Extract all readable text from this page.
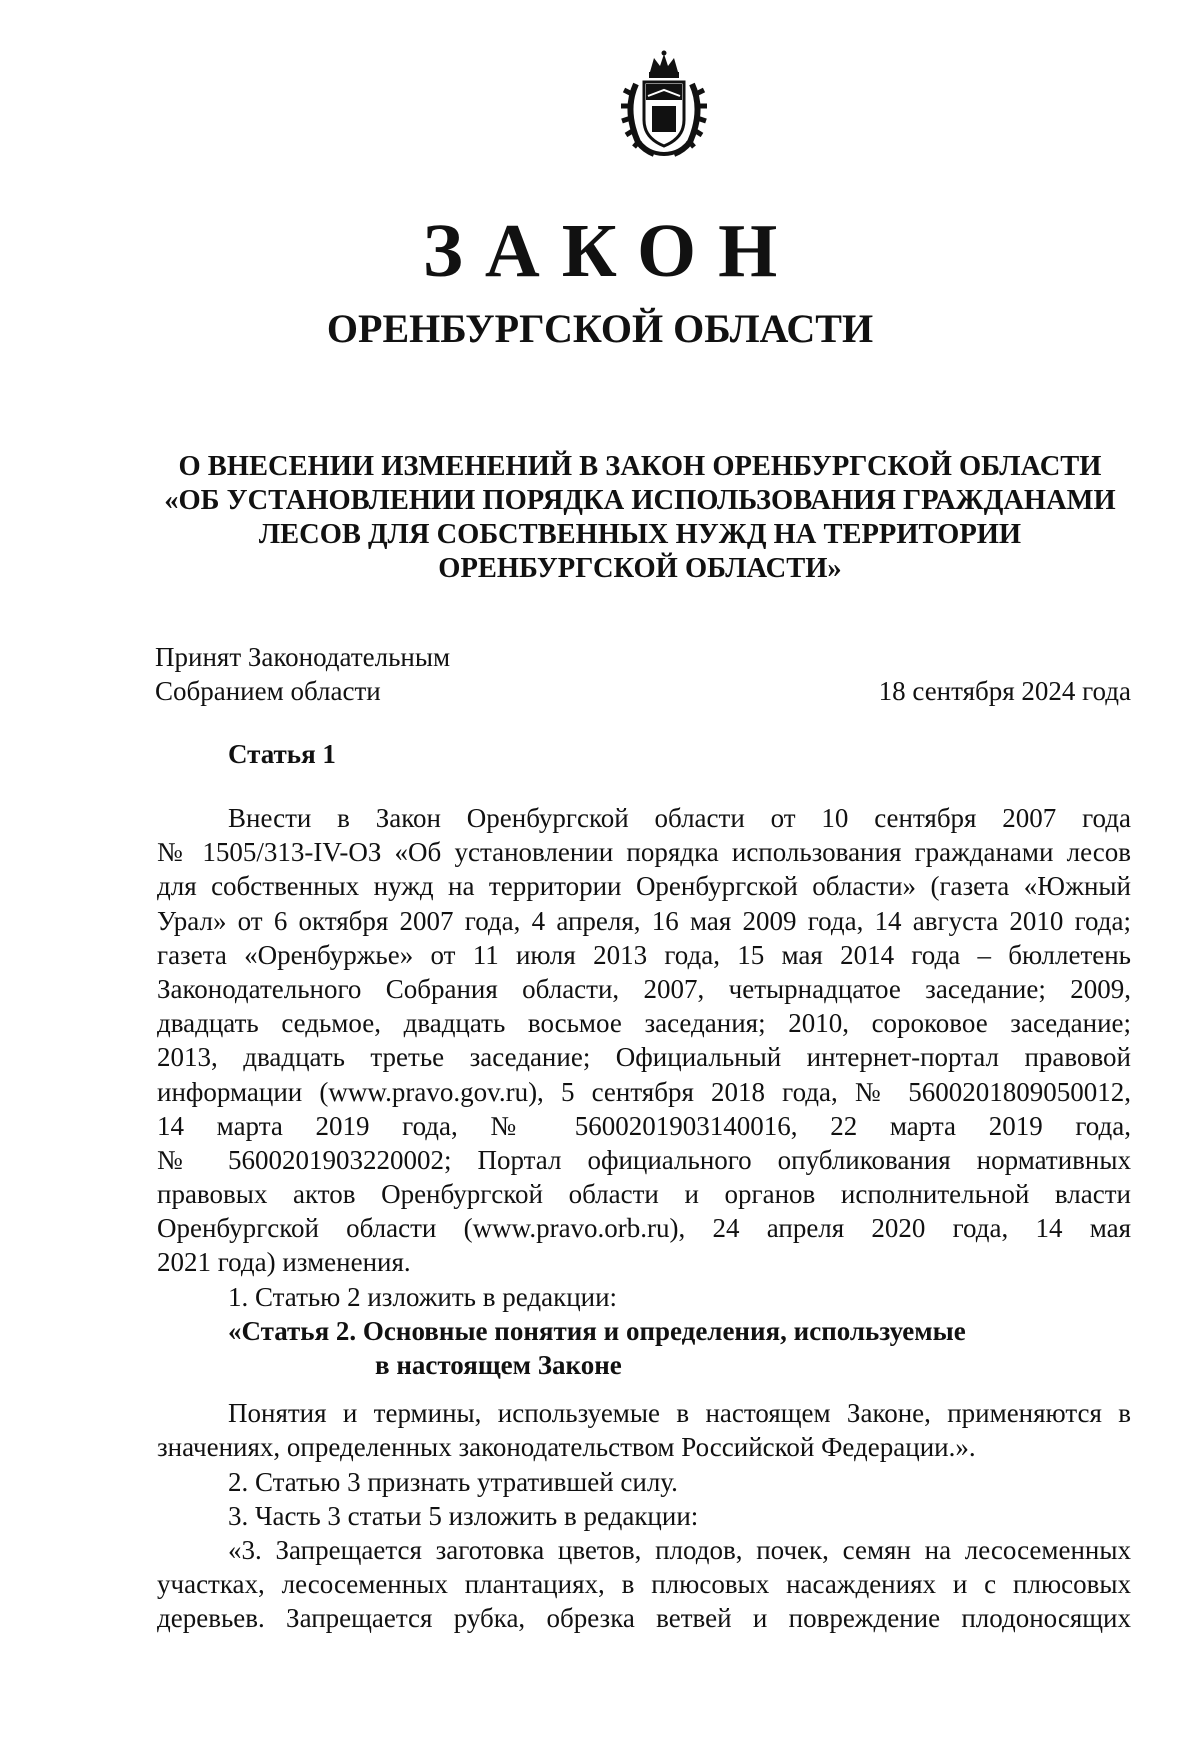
ЗАКОН
ОРЕНБУРГСКОЙ ОБЛАСТИ
О ВНЕСЕНИИ ИЗМЕНЕНИЙ В ЗАКОН ОРЕНБУРГСКОЙ ОБЛАСТИ
«ОБ УСТАНОВЛЕНИИ ПОРЯДКА ИСПОЛЬЗОВАНИЯ ГРАЖДАНАМИ
ЛЕСОВ ДЛЯ СОБСТВЕННЫХ НУЖД НА ТЕРРИТОРИИ
ОРЕНБУРГСКОЙ ОБЛАСТИ»
Принят Законодательным
Собранием области	18 сентября 2024 года
Статья 1
Внести в Закон Оренбургской области от 10 сентября 2007 года
№ 1505/313-IV-ОЗ «Об установлении порядка использования гражданами лесов
для собственных нужд на территории Оренбургской области» (газета «Южный
Урал» от 6 октября 2007 года, 4 апреля, 16 мая 2009 года, 14 августа 2010 года;
газета «Оренбуржье» от 11 июля 2013 года, 15 мая 2014 года – бюллетень
Законодательного Собрания области, 2007, четырнадцатое заседание; 2009,
двадцать седьмое, двадцать восьмое заседания; 2010, сороковое заседание;
2013, двадцать третье заседание; Официальный интернет-портал правовой
информации (www.pravo.gov.ru), 5 сентября 2018 года, № 5600201809050012,
14 марта 2019 года, № 5600201903140016, 22 марта 2019 года,
№ 5600201903220002; Портал официального опубликования нормативных
правовых актов Оренбургской области и органов исполнительной власти
Оренбургской области (www.pravo.orb.ru), 24 апреля 2020 года, 14 мая
2021 года) изменения.
1. Статью 2 изложить в редакции:
«Статья 2. Основные понятия и определения, используемые
в настоящем Законе
Понятия и термины, используемые в настоящем Законе, применяются в
значениях, определенных законодательством Российской Федерации.».
2. Статью 3 признать утратившей силу.
3. Часть 3 статьи 5 изложить в редакции:
«3. Запрещается заготовка цветов, плодов, почек, семян на лесосеменных
участках, лесосеменных плантациях, в плюсовых насаждениях и с плюсовых
деревьев. Запрещается рубка, обрезка ветвей и повреждение плодоносящих
